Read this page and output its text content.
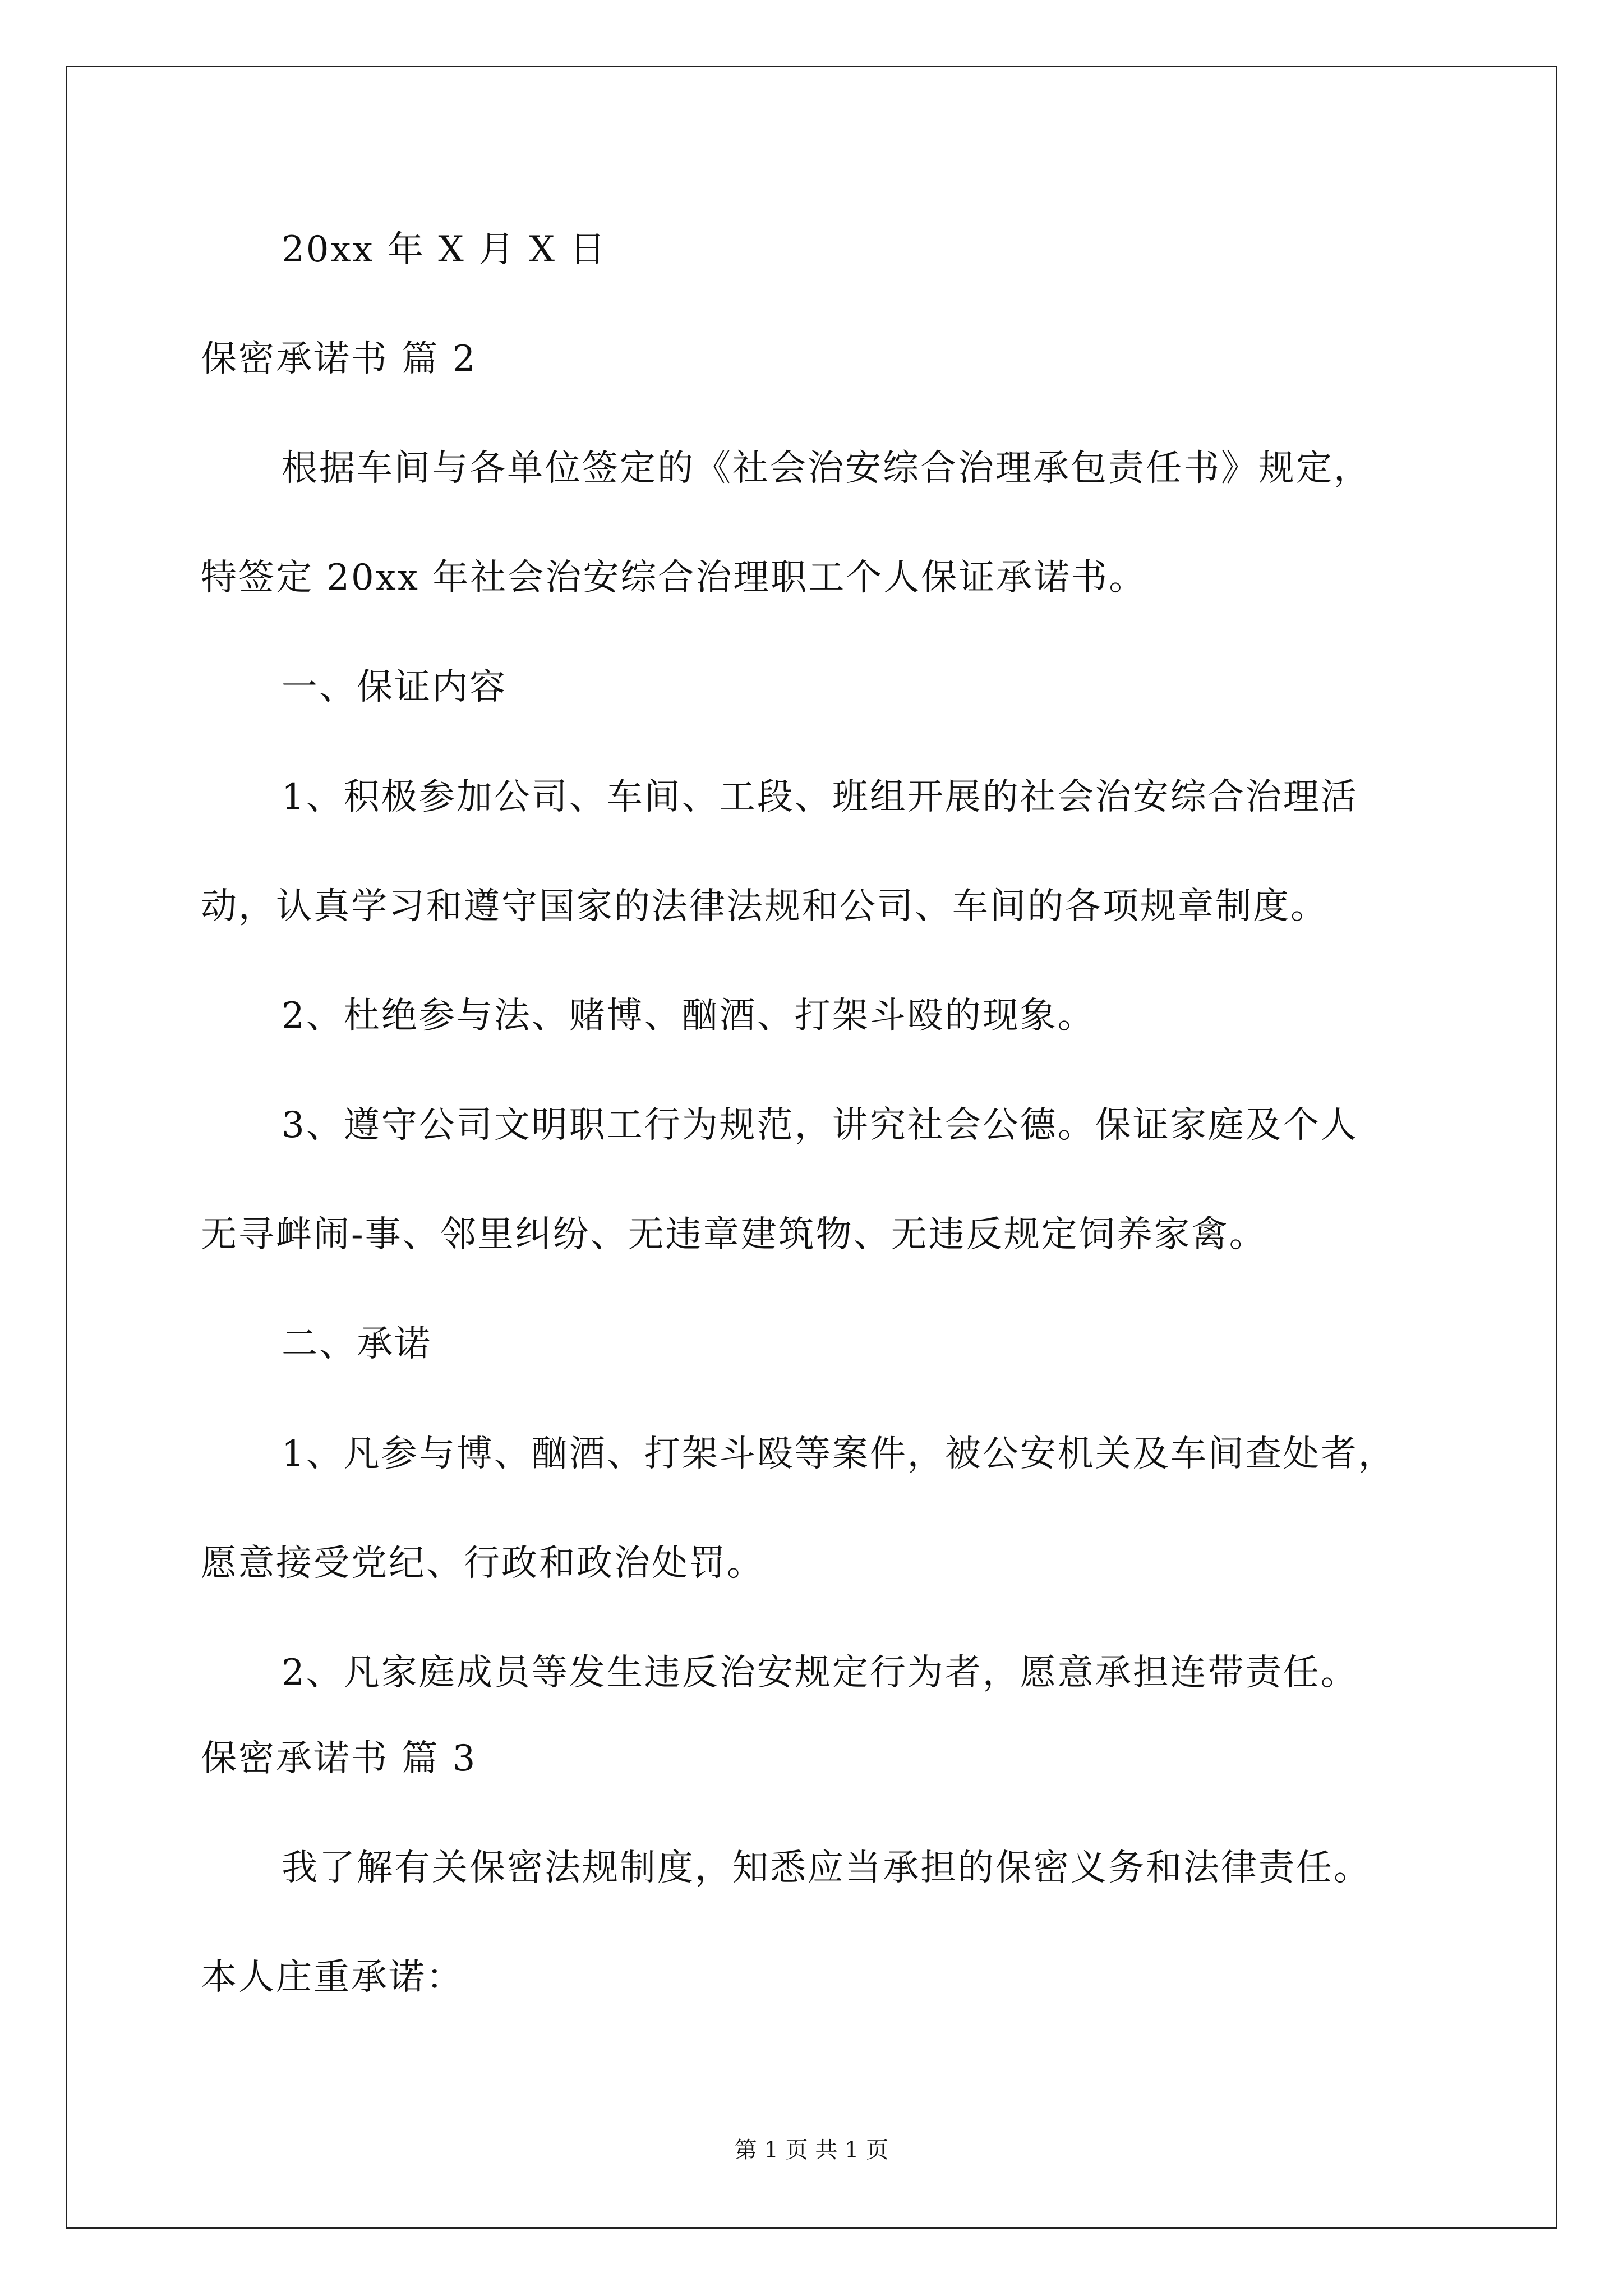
20xx 年 X 月 X 日
保密承诺书 篇 2
根据车间与各单位签定的《社会治安综合治理承包责任书》规定，
特签定 20xx 年社会治安综合治理职工个人保证承诺书。
一、保证内容
1、积极参加公司、车间、工段、班组开展的社会治安综合治理活
动，认真学习和遵守国家的法律法规和公司、车间的各项规章制度。
2、杜绝参与法、赌博、酗酒、打架斗殴的现象。
3、遵守公司文明职工行为规范，讲究社会公德。保证家庭及个人
无寻衅闹-事、邻里纠纷、无违章建筑物、无违反规定饲养家禽。
二、承诺
1、凡参与博、酗酒、打架斗殴等案件，被公安机关及车间查处者，
愿意接受党纪、行政和政治处罚。
2、凡家庭成员等发生违反治安规定行为者，愿意承担连带责任。
保密承诺书 篇 3
我了解有关保密法规制度，知悉应当承担的保密义务和法律责任。
本人庄重承诺：
第 1 页 共 1 页
